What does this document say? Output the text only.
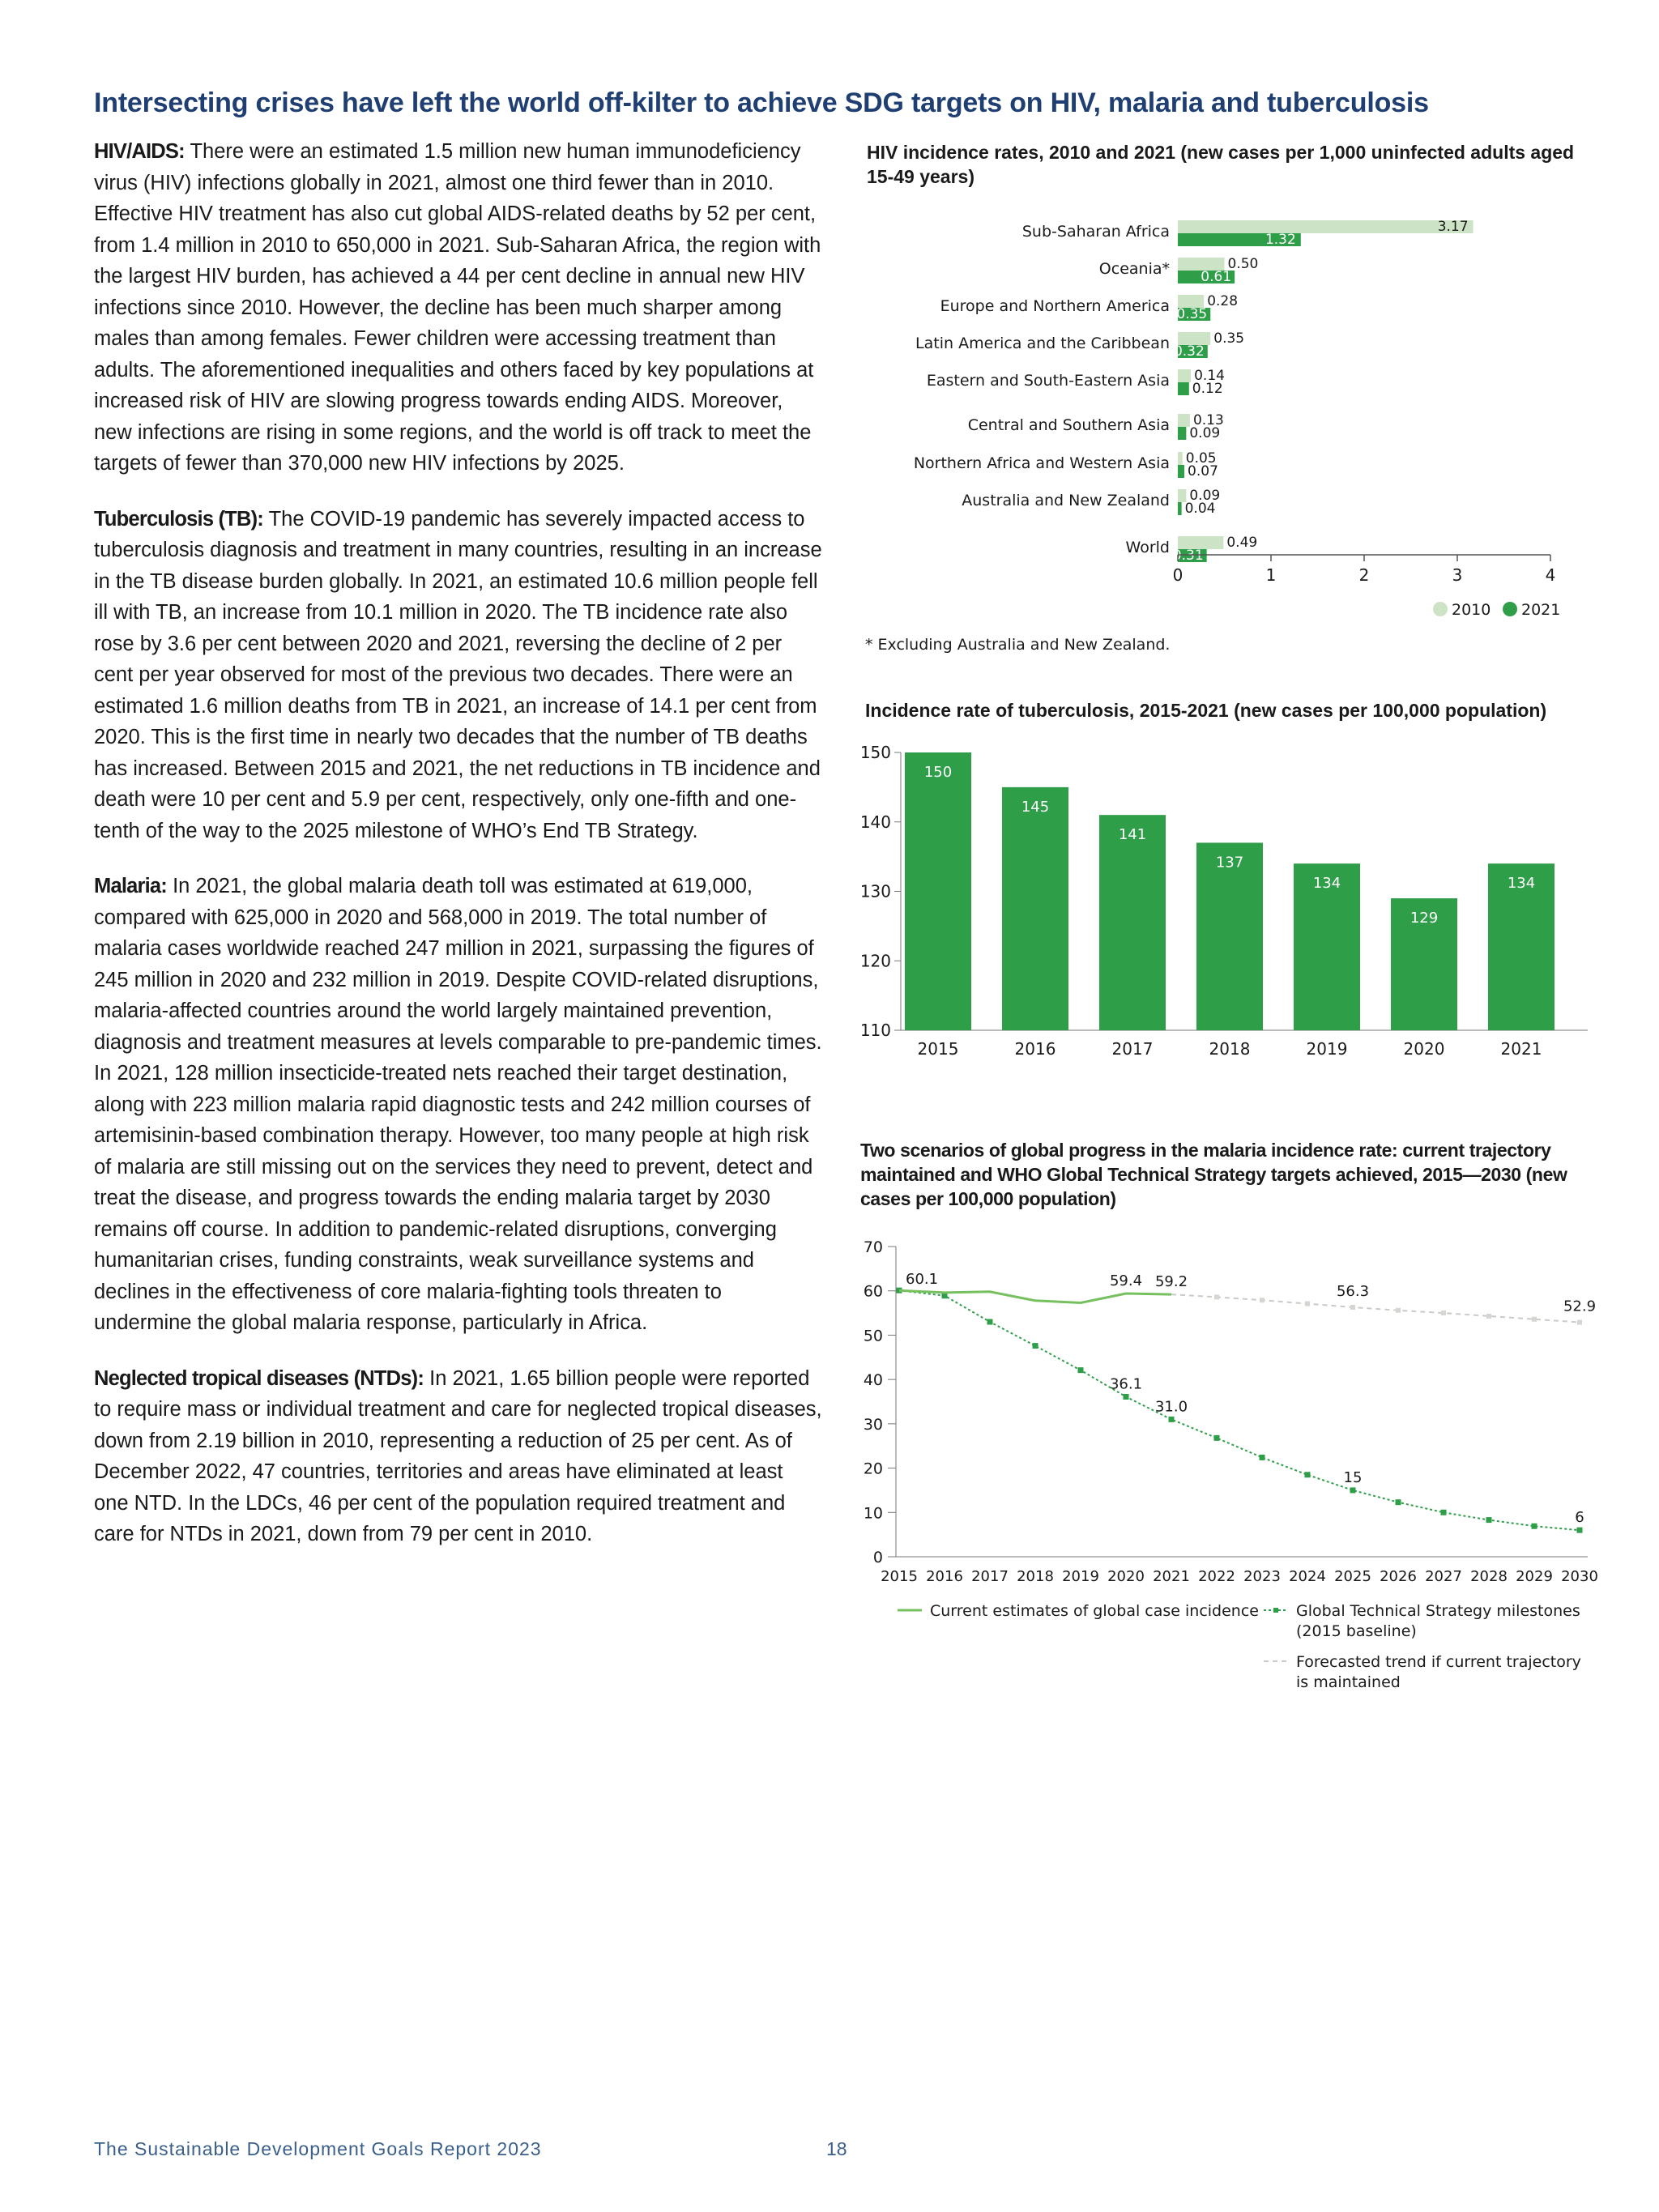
Intersecting crises have left the world off-kilter to achieve SDG targets on HIV, malaria and tuberculosis

HIV/AIDS: There were an estimated 1.5 million new human immunodeficiency virus (HIV) infections globally in 2021, almost one third fewer than in 2010. Effective HIV treatment has also cut global AIDS-related deaths by 52 per cent, from 1.4 million in 2010 to 650,000 in 2021. Sub-Saharan Africa, the region with the largest HIV burden, has achieved a 44 per cent decline in annual new HIV infections since 2010. However, the decline has been much sharper among males than among females. Fewer children were accessing treatment than adults. The aforementioned inequalities and others faced by key populations at increased risk of HIV are slowing progress towards ending AIDS. Moreover, new infections are rising in some regions, and the world is off track to meet the targets of fewer than 370,000 new HIV infections by 2025.

Tuberculosis (TB): The COVID-19 pandemic has severely impacted access to tuberculosis diagnosis and treatment in many countries, resulting in an increase in the TB disease burden globally. In 2021, an estimated 10.6 million people fell ill with TB, an increase from 10.1 million in 2020. The TB incidence rate also rose by 3.6 per cent between 2020 and 2021, reversing the decline of 2 per cent per year observed for most of the previous two decades. There were an estimated 1.6 million deaths from TB in 2021, an increase of 14.1 per cent from 2020. This is the first time in nearly two decades that the number of TB deaths has increased. Between 2015 and 2021, the net reductions in TB incidence and death were 10 per cent and 5.9 per cent, respectively, only one-fifth and one-tenth of the way to the 2025 milestone of WHO’s End TB Strategy.

Malaria: In 2021, the global malaria death toll was estimated at 619,000, compared with 625,000 in 2020 and 568,000 in 2019. The total number of malaria cases worldwide reached 247 million in 2021, surpassing the figures of 245 million in 2020 and 232 million in 2019. Despite COVID-related disruptions, malaria-affected countries around the world largely maintained prevention, diagnosis and treatment measures at levels comparable to pre-pandemic times. In 2021, 128 million insecticide-treated nets reached their target destination, along with 223 million malaria rapid diagnostic tests and 242 million courses of artemisinin-based combination therapy. However, too many people at high risk of malaria are still missing out on the services they need to prevent, detect and treat the disease, and progress towards the ending malaria target by 2030 remains off course. In addition to pandemic-related disruptions, converging humanitarian crises, funding constraints, weak surveillance systems and declines in the effectiveness of core malaria-fighting tools threaten to undermine the global malaria response, particularly in Africa.

Neglected tropical diseases (NTDs): In 2021, 1.65 billion people were reported to require mass or individual treatment and care for neglected tropical diseases, down from 2.19 billion in 2010, representing a reduction of 25 per cent. As of December 2022, 47 countries, territories and areas have eliminated at least one NTD. In the LDCs, 46 per cent of the population required treatment and care for NTDs in 2021, down from 79 per cent in 2010.

HIV incidence rates, 2010 and 2021 (new cases per 1,000 uninfected adults aged 15-49 years)
Sub-Saharan Africa	3.17
1.32
Oceania*	0.50
0.61
Europe and Northern America	0.28
0.35
Latin America and the Caribbean	0.35
0.32
Eastern and South-Eastern Asia 0.14
0.12
Central and Southern Asia 0.13
0.09
Northern Africa and Western Asia 0.05
0.07
Australia and New Zealand 0.09
0.04
World	0.49
0.31
0	1	2	3	4
2010 2021
* Excluding Australia and New Zealand.
Incidence rate of tuberculosis, 2015-2021 (new cases per 100,000 population)
110
120
130
140
150
150
2015
145
2016
141
2017
137
2018
134
2019
129
2020
134
2021
Two scenarios of global progress in the malaria incidence rate: current trajectory maintained and WHO Global Technical Strategy targets achieved, 2015—2030 (new cases per 100,000 population)
0
10
20
30
40
50
60
70
2015 2016 2017 2018 2019 2020 2021 2022 2023 2024 2025 2026 2027 2028 2029 2030
60.1	59.4 59.2
56.3
52.9
36.1
31.0
15
6
Current estimates of global case incidence Global Technical Strategy milestones
(2015 baseline)
Forecasted trend if current trajectory
is maintained
The Sustainable Development Goals Report 2023	18
